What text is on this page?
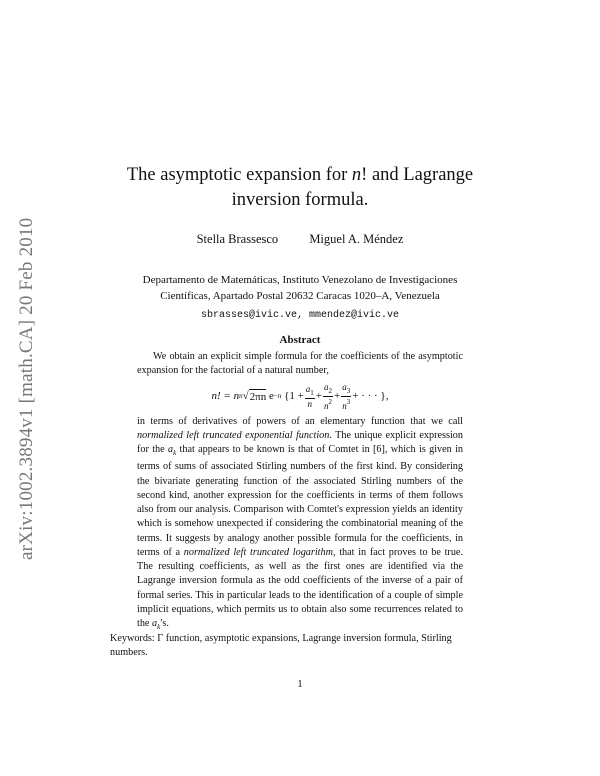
arXiv:1002.3894v1 [math.CA] 20 Feb 2010
The asymptotic expansion for n! and Lagrange
inversion formula.
Stella Brassesco Miguel A. Méndez
Departamento de Matemáticas, Instituto Venezolano de Investigaciones
Científicas, Apartado Postal 20632 Caracas 1020–A, Venezuela
sbrasses@ivic.ve, mmendez@ivic.ve
Abstract

We obtain an explicit simple formula for the coefficients of the asymptotic expansion for the factorial of a natural number,

n! = n n √ 2πn
e −n
{$1 + \frac{a_1}{n} + \frac{a_2}{n^2} + \frac{a_3}{n^3}$ + · · · },

in terms of derivatives of powers of an elementary function that we call normalized left truncated exponential function. The unique explicit expression for the $a_k$ that appears to be known is that of Comtet in [6], which is given in terms of sums of associated Stirling numbers of the first kind. By considering the bivariate generating function of the associated Stirling numbers of the second kind, another expression for the coefficients in terms of them follows also from our analysis. Comparison with Comtet's expression yields an identity which is somehow unexpected if considering the combinatorial meaning of the terms. It suggests by analogy another possible formula for the coefficients, in terms of a normalized left truncated logarithm, that in fact proves to be true. The resulting coefficients, as well as the first ones are identified via the Lagrange inversion formula as the odd coefficients of the inverse of a pair of formal series. This in particular leads to the identification of a couple of simple implicit equations, which permits us to obtain also some recurrences related to the $a_k's$.

Keywords: Γ function, asymptotic expansions, Lagrange inversion formula, Stirling numbers.
1
